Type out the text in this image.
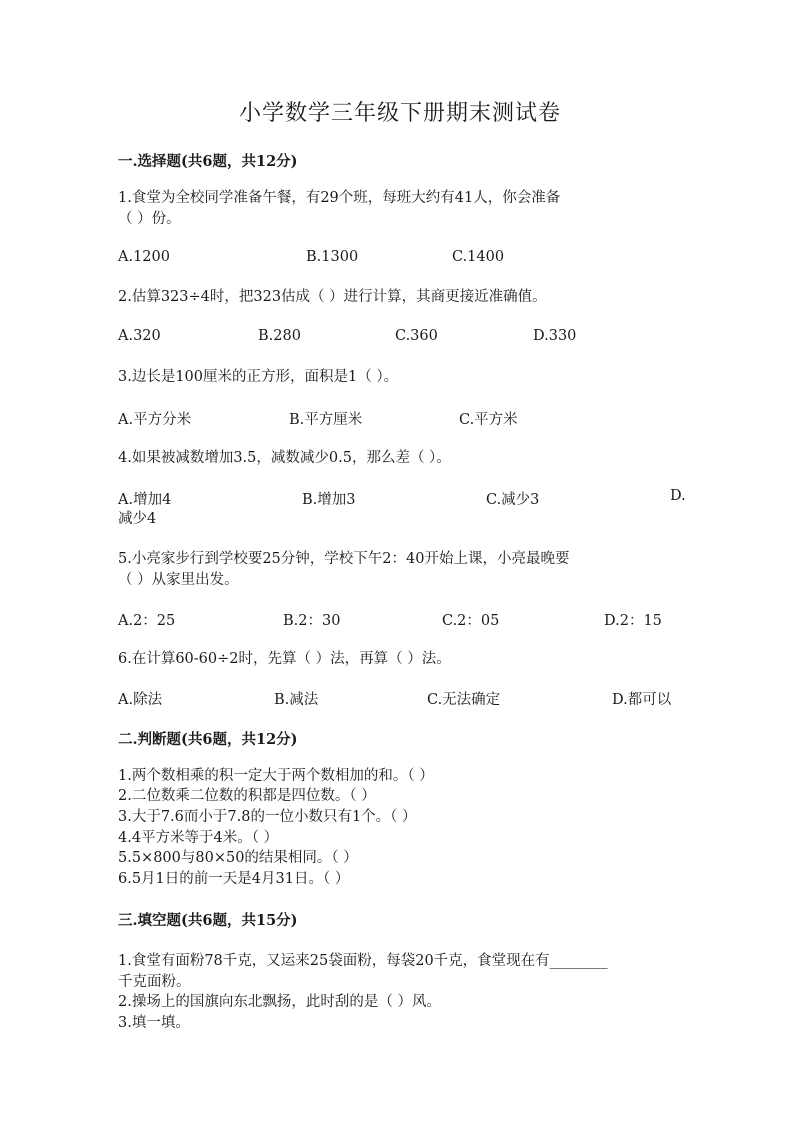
小学数学三年级下册期末测试卷
一.选择题(共6题，共12分)
1.食堂为全校同学准备午餐，有29个班，每班大约有41人，你会准备
（ ）份。
A.1200	B.1300	C.1400
2.估算323÷4时，把323估成（ ）进行计算，其商更接近准确值。
A.320	B.280	C.360	D.330
3.边长是100厘米的正方形，面积是1（ ）。
A.平方分米	B.平方厘米	C.平方米
4.如果被减数增加3.5，减数减少0.5，那么差（ ）。
A.增加4	B.增加3	C.减少3	D.
减少4
5.小亮家步行到学校要25分钟，学校下午2：40开始上课，小亮最晚要
（ ）从家里出发。
A.2：25	B.2：30	C.2：05	D.2：15
6.在计算60-60÷2时，先算（ ）法，再算（ ）法。
A.除法	B.减法	C.无法确定	D.都可以
二.判断题(共6题，共12分)
1.两个数相乘的积一定大于两个数相加的和。（ ）
2.二位数乘二位数的积都是四位数。（ ）
3.大于7.6而小于7.8的一位小数只有1个。（ ）
4.4平方米等于4米。（ ）
5.5×800与80×50的结果相同。（ ）
6.5月1日的前一天是4月31日。（ ）
三.填空题(共6题，共15分)
1.食堂有面粉78千克，又运来25袋面粉，每袋20千克，食堂现在有________
千克面粉。
2.操场上的国旗向东北飘扬，此时刮的是（ ）风。
3.填一填。
